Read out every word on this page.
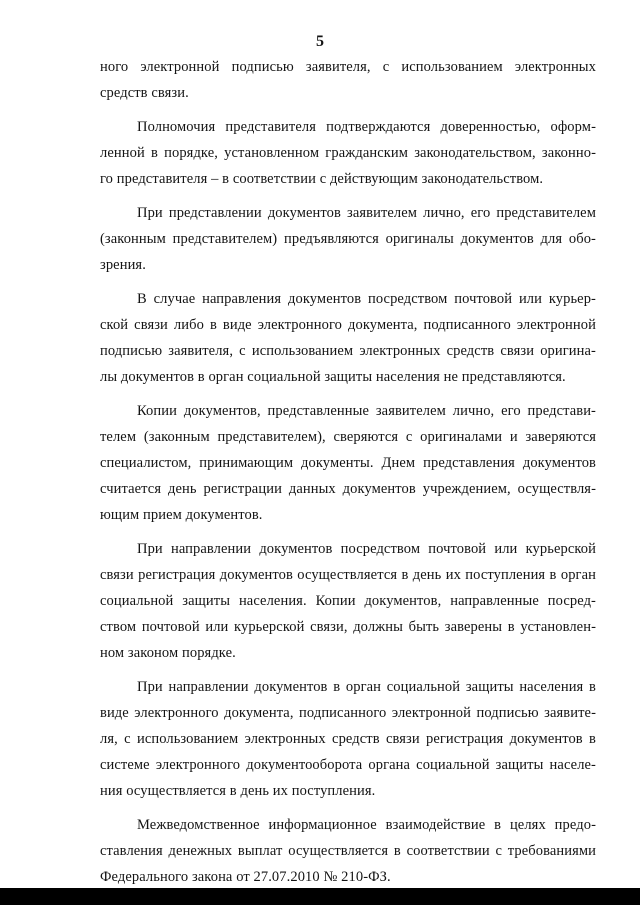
5
ного электронной подписью заявителя, с использованием электронных
средств связи.
Полномочия представителя подтверждаются доверенностью, оформ-
ленной в порядке, установленном гражданским законодательством, законно-
го представителя – в соответствии с действующим законодательством.
При представлении документов заявителем лично, его представителем
(законным представителем) предъявляются оригиналы документов для обо-
зрения.
В случае направления документов посредством почтовой или курьер-
ской связи либо в виде электронного документа, подписанного электронной
подписью заявителя, с использованием электронных средств связи оригина-
лы документов в орган социальной защиты населения не представляются.
Копии документов, представленные заявителем лично, его представи-
телем (законным представителем), сверяются с оригиналами и заверяются
специалистом, принимающим документы. Днем представления документов
считается день регистрации данных документов учреждением, осуществля-
ющим прием документов.
При направлении документов посредством почтовой или курьерской
связи регистрация документов осуществляется в день их поступления в орган
социальной защиты населения. Копии документов, направленные посред-
ством почтовой или курьерской связи, должны быть заверены в установлен-
ном законом порядке.
При направлении документов в орган социальной защиты населения в
виде электронного документа, подписанного электронной подписью заявите-
ля, с использованием электронных средств связи регистрация документов в
системе электронного документооборота органа социальной защиты населе-
ния осуществляется в день их поступления.
Межведомственное информационное взаимодействие в целях предо-
ставления денежных выплат осуществляется в соответствии с требованиями
Федерального закона от 27.07.2010 № 210-ФЗ.
